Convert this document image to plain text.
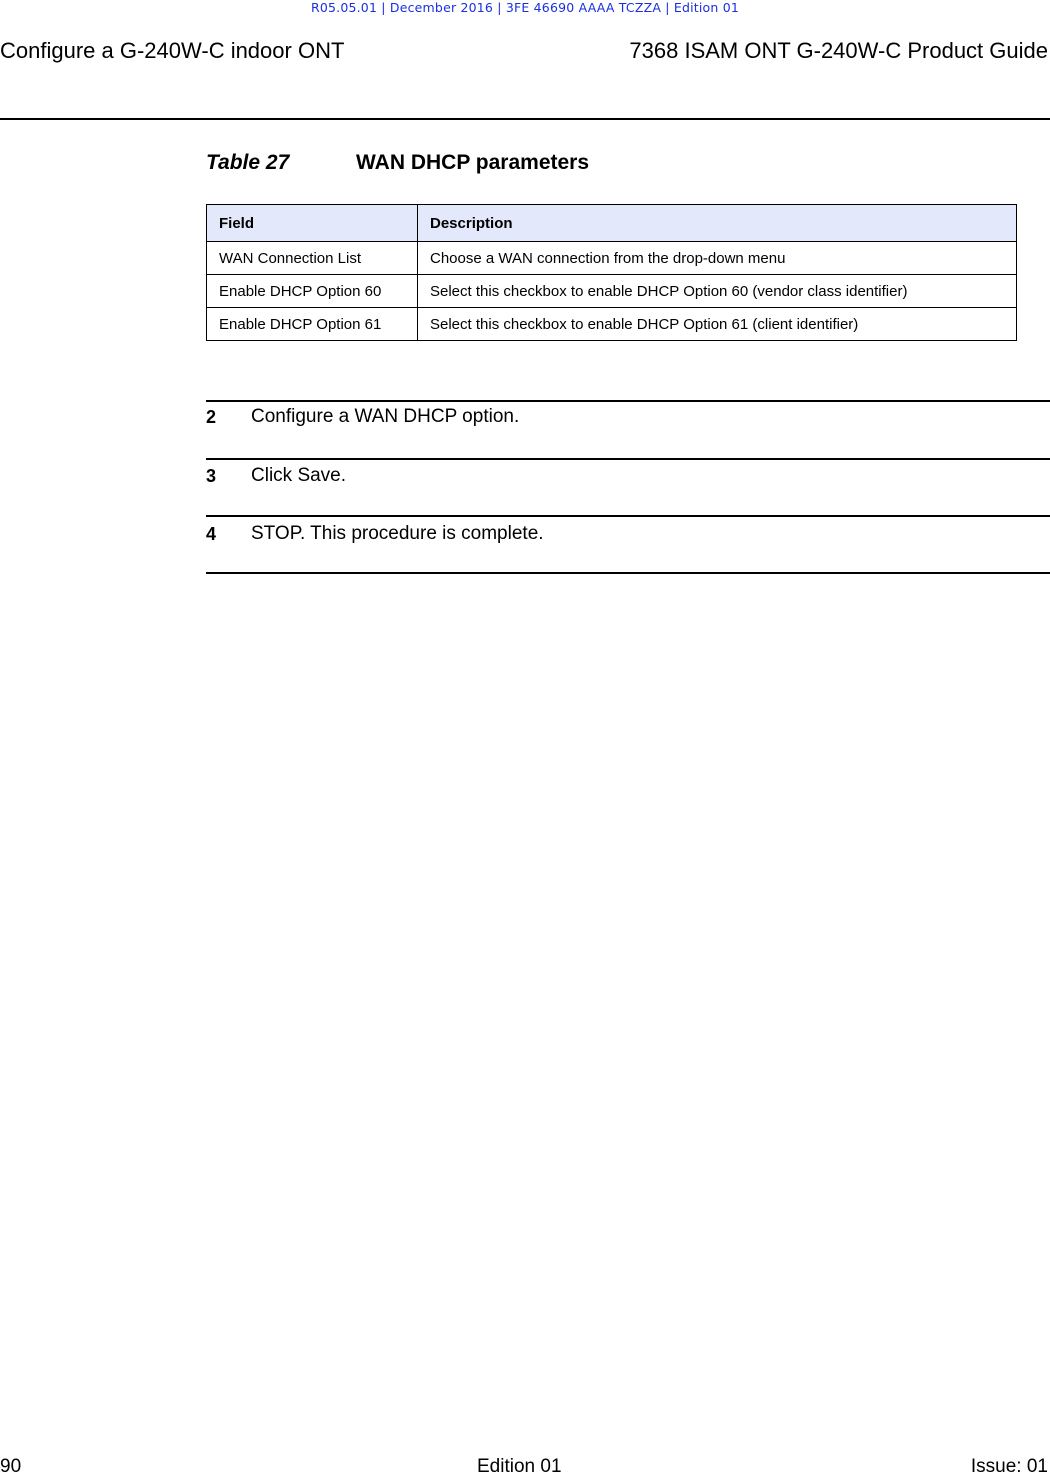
R05.05.01 | December 2016 | 3FE 46690 AAAA TCZZA | Edition 01
Configure a G-240W-C indoor ONT	7368 ISAM ONT G-240W-C Product Guide
Table 27	WAN DHCP parameters
Field	Description
WAN Connection List	Choose a WAN connection from the drop-down menu
Enable DHCP Option 60	Select this checkbox to enable DHCP Option 60 (vendor class identifier)
Enable DHCP Option 61	Select this checkbox to enable DHCP Option 61 (client identifier)
2 Configure a WAN DHCP option.
3 Click Save.
4 STOP. This procedure is complete.
90	Edition 01	Issue: 01
